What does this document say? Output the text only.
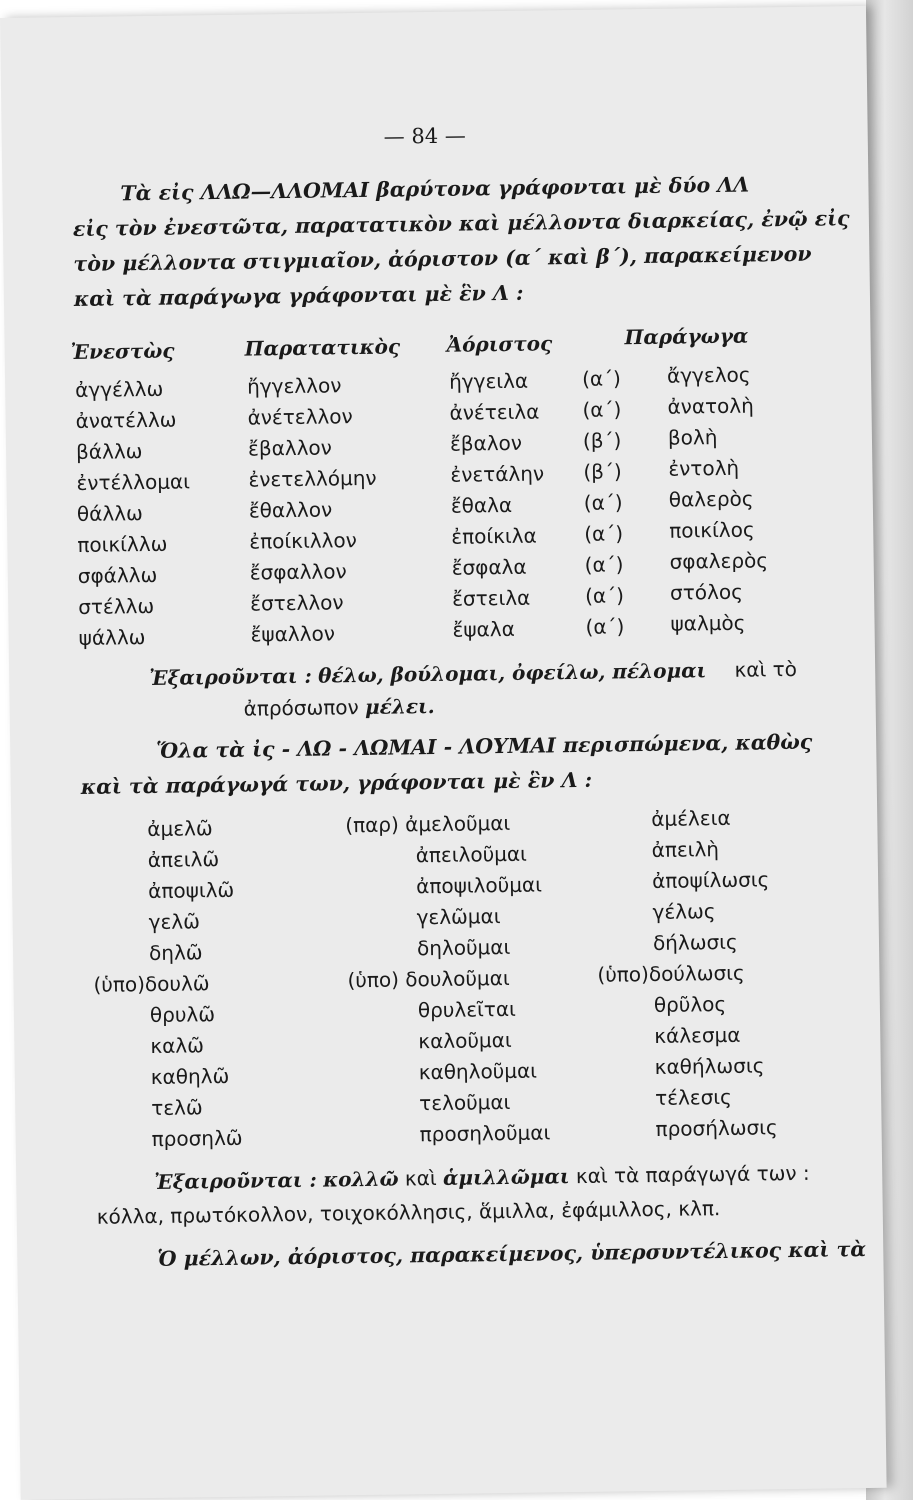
— 84 —

Τὰ εἰς ΛΛΩ—ΛΛΟΜΑΙ βαρύτονα γράφονται μὲ δύο ΛΛ

εἰς τὸν ἐνεστῶτα, παρατατικὸν καὶ μέλλοντα διαρκείας, ἐνῷ εἰς

τὸν μέλλοντα στιγμιαῖον, ἀόριστον (α΄ καὶ β΄), παρακείμενον

καὶ τὰ παράγωγα γράφονται μὲ ἓν Λ :

Ἐνεστὼς	Παρατατικὸς Ἀόριστος	Παράγωγα
ἀγγέλλω	ἤγγελλον	ἤγγειλα	(α΄) ἄγγελος
ἀνατέλλω	ἀνέτελλον	ἀνέτειλα (α΄) ἀνατολὴ
βάλλω	ἔβαλλον	ἔβαλον	(β΄) βολὴ
ἐντέλλομαι	ἐνετελλόμην	ἐνετάλην (β΄) ἐντολὴ
θάλλω	ἔθαλλον	ἔθαλα	(α΄) θαλερὸς
ποικίλλω	ἐποίκιλλον	ἐποίκιλα (α΄) ποικίλος
σφάλλω	ἔσφαλλον	ἔσφαλα	(α΄) σφαλερὸς
στέλλω	ἔστελλον	ἔστειλα	(α΄) στόλος
ψάλλω	ἔψαλλον	ἔψαλα	(α΄) ψαλμὸς
Ἐξαιροῦνται : θέλω, βούλομαι, ὀφείλω, πέλομαι καὶ τὸ
ἀπρόσωπον μέλει.

Ὅλα τὰ ἰς - ΛΩ - ΛΩΜΑΙ - ΛΟΥΜΑΙ περισπώμενα, καθὼς

καὶ τὰ παράγωγά των, γράφονται μὲ ἓν Λ :

ἀμελῶ	(παρ) ἀμελοῦμαι	ἀμέλεια
ἀπειλῶ	ἀπειλοῦμαι	ἀπειλὴ
ἀποψιλῶ	ἀποψιλοῦμαι	ἀποψίλωσις
γελῶ	γελῶμαι	γέλως
δηλῶ	δηλοῦμαι	δήλωσις
(ὑπο)δουλῶ	(ὑπο) δουλοῦμαι	(ὑπο)δούλωσις
θρυλῶ	θρυλεῖται	θρῦλος
καλῶ	καλοῦμαι	κάλεσμα
καθηλῶ	καθηλοῦμαι	καθήλωσις
τελῶ	τελοῦμαι	τέλεσις
προσηλῶ	προσηλοῦμαι	προσήλωσις
Ἐξαιροῦνται : κολλῶ καὶ ἁμιλλῶμαι καὶ τὰ παράγωγά των :
κόλλα, πρωτόκολλον, τοιχοκόλλησις, ἅμιλλα, ἐφάμιλλος, κλπ.

Ὁ μέλλων, ἀόριστος, παρακείμενος, ὑπερσυντέλικος καὶ τὰ
